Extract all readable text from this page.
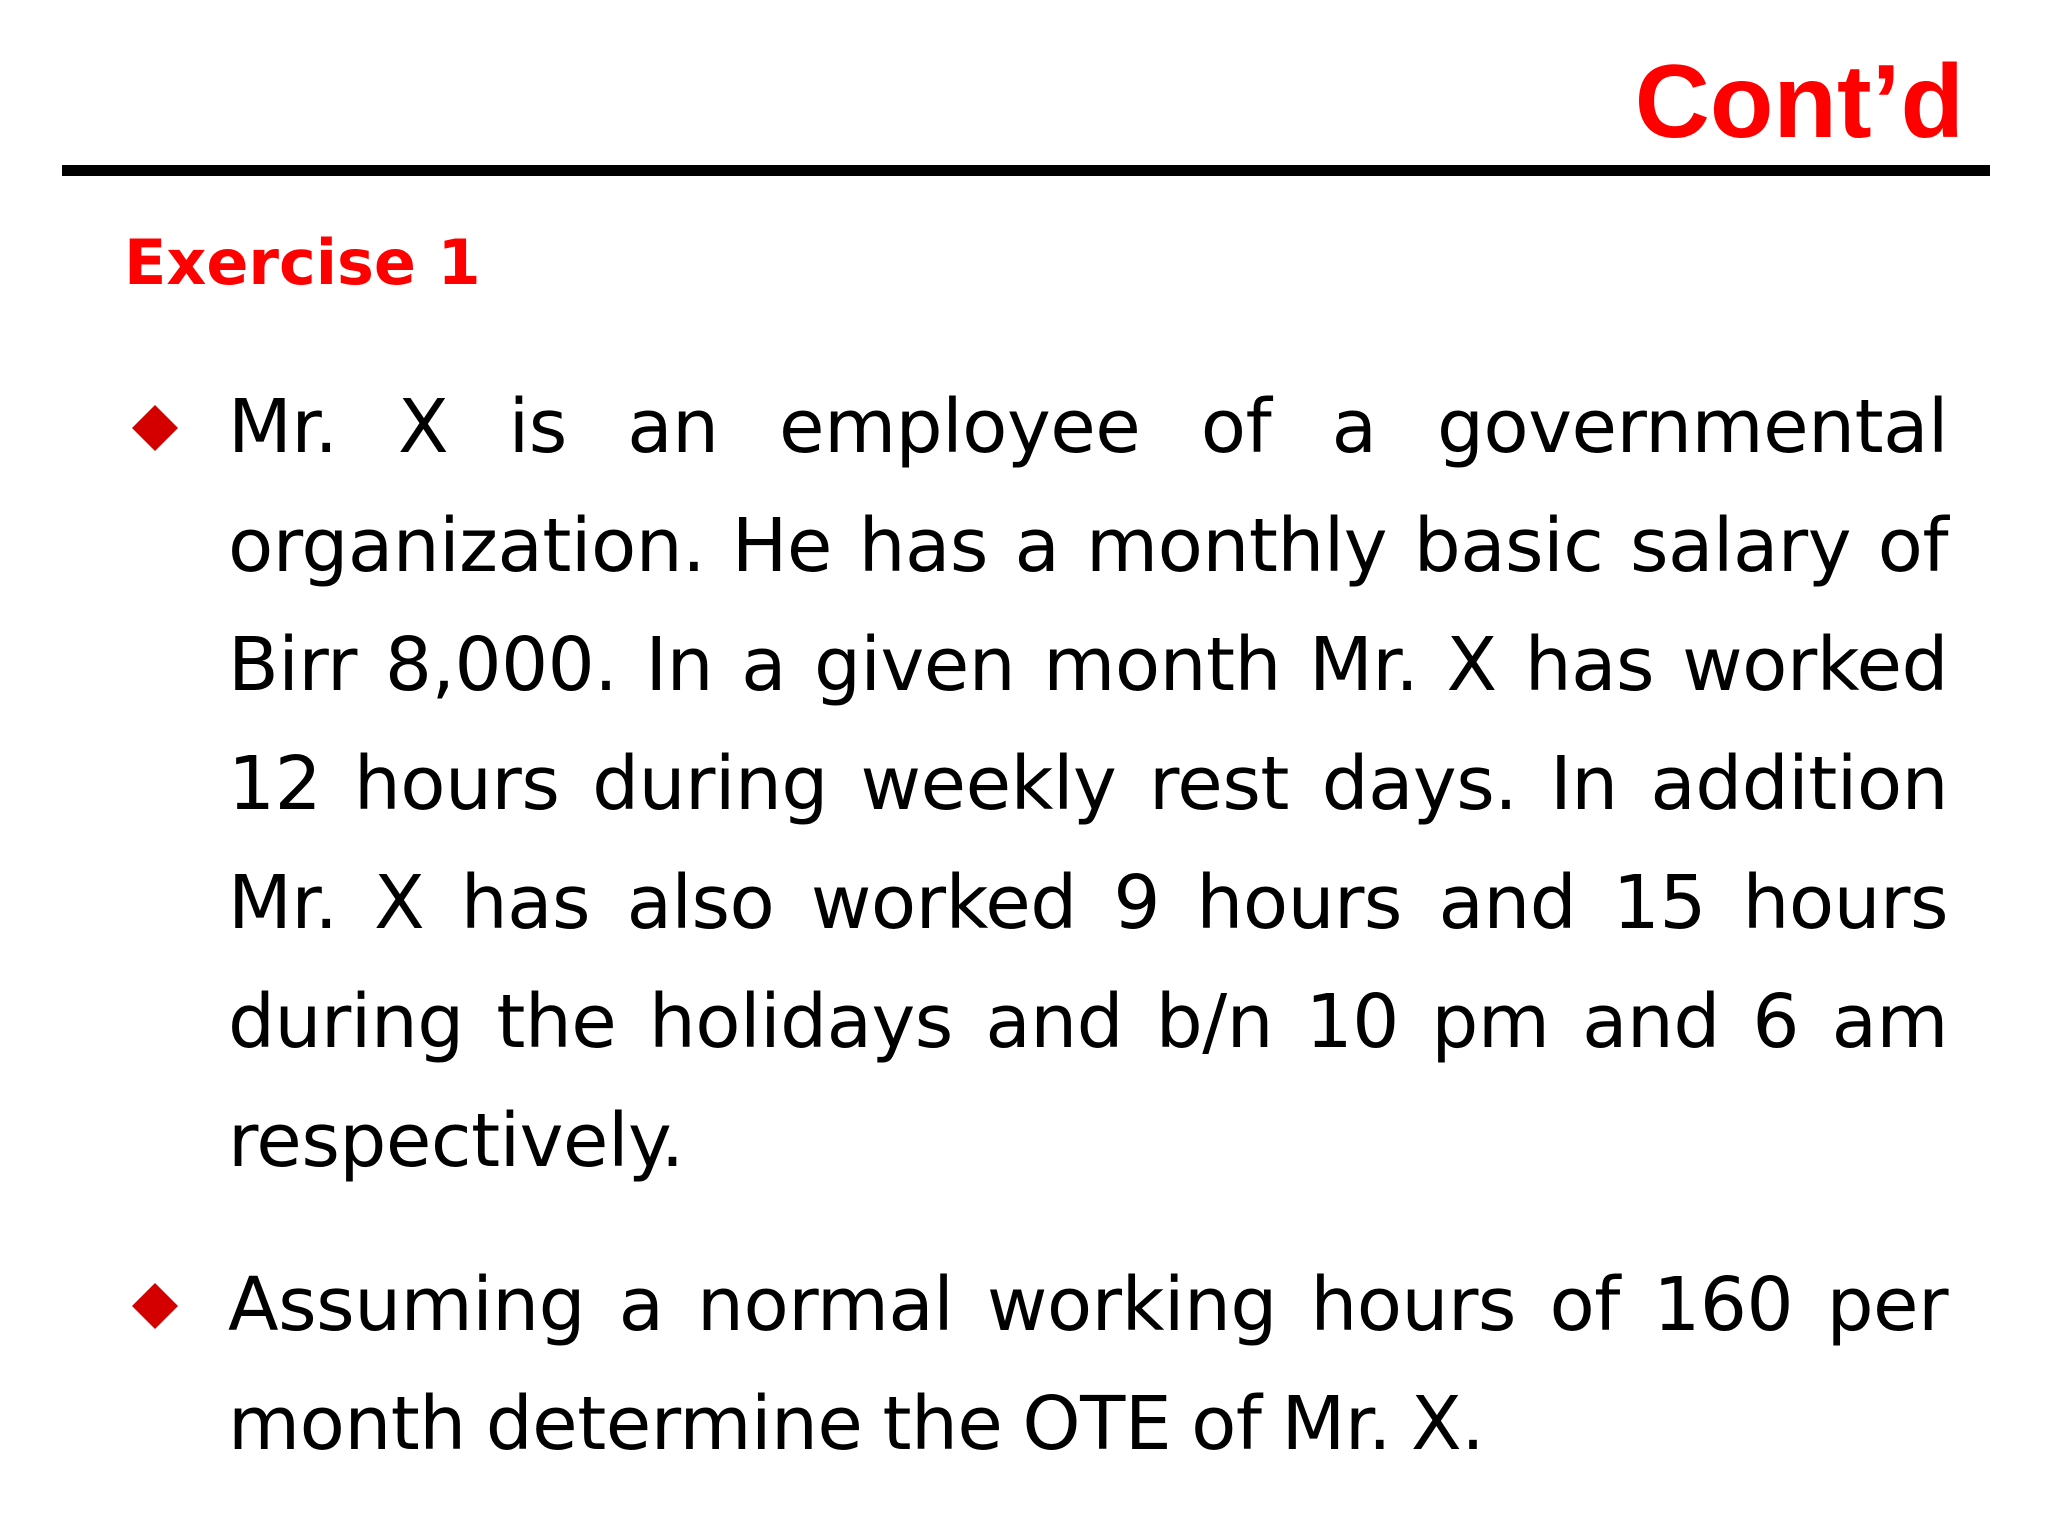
Cont’d
Exercise 1

Mr. X is an employee of a governmental organization. He has a monthly basic salary of Birr 8,000. In a given month Mr. X has worked 12 hours during weekly rest days. In addition Mr. X has also worked 9 hours and 15 hours during the holidays and b/n 10 pm and 6 am respectively.

Assuming a normal working hours of 160 per month determine the OTE of Mr. X.
